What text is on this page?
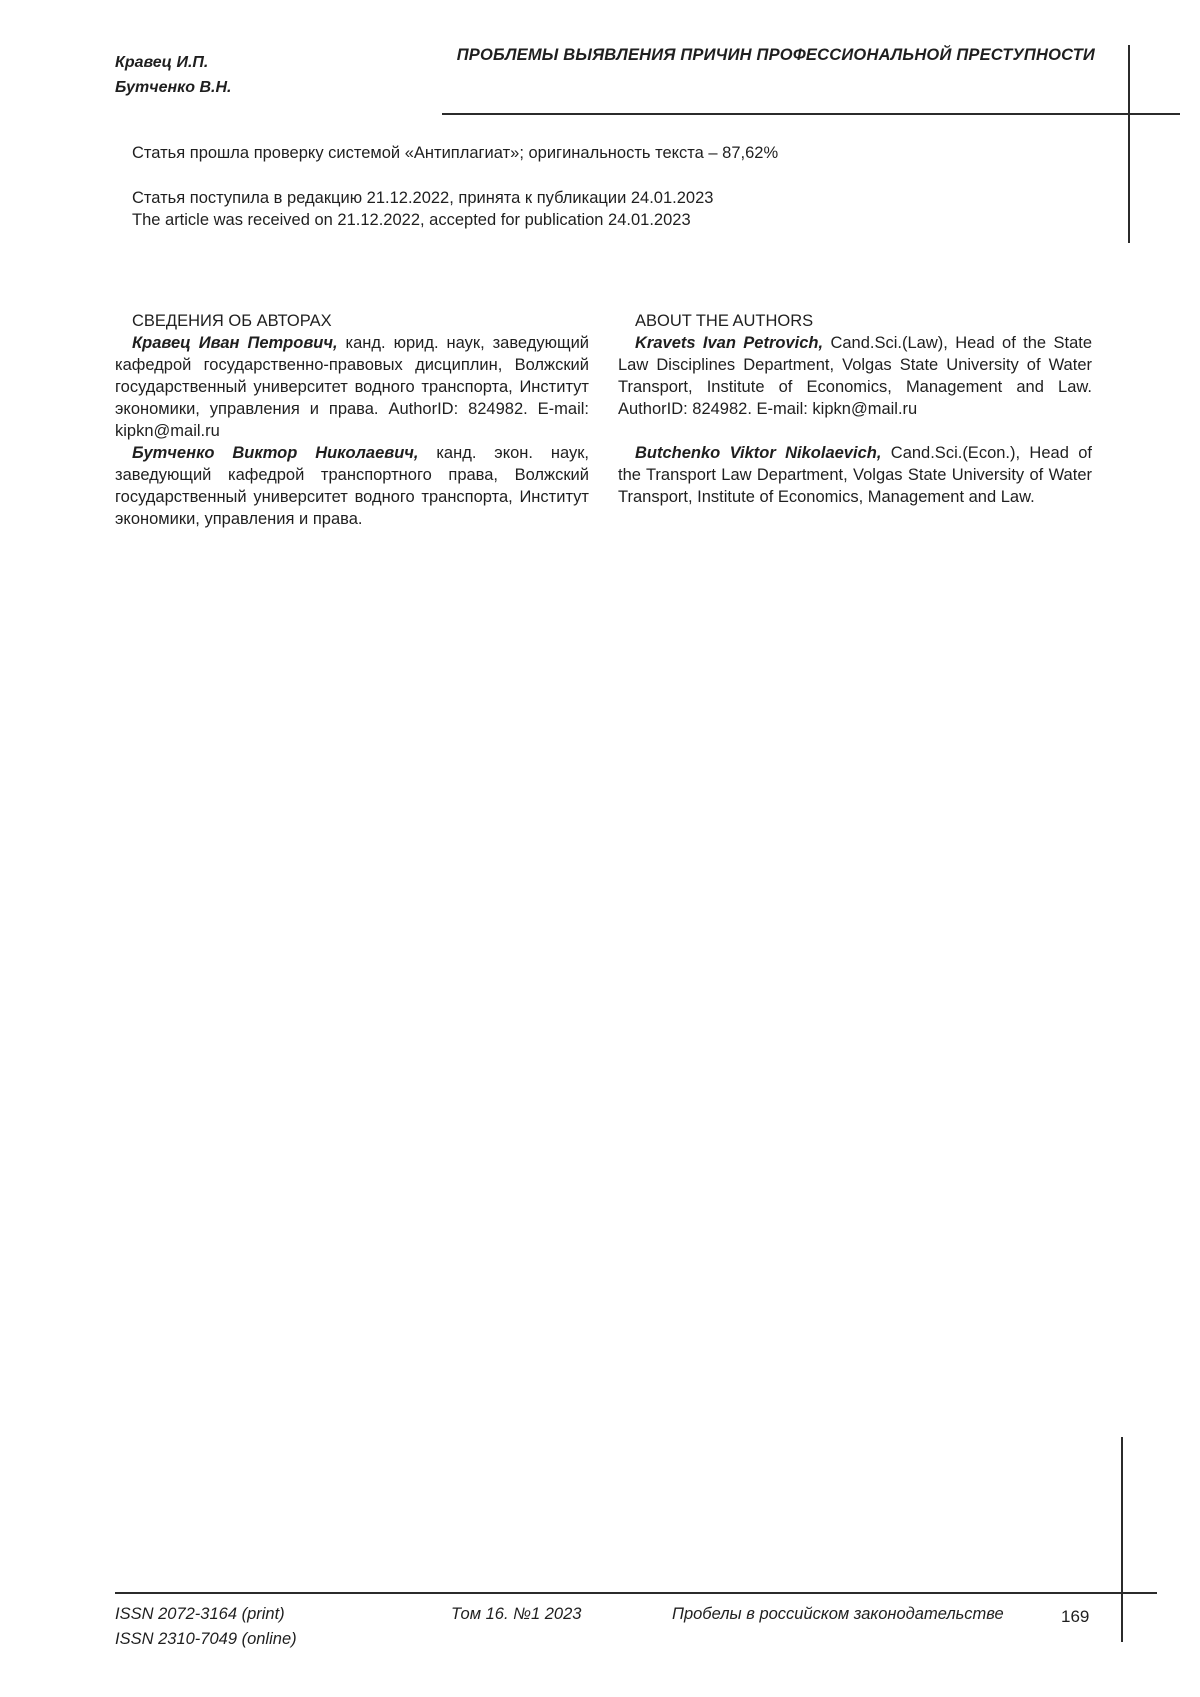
Кравец И.П.
Бутченко В.Н.
ПРОБЛЕМЫ ВЫЯВЛЕНИЯ ПРИЧИН ПРОФЕССИОНАЛЬНОЙ ПРЕСТУПНОСТИ
Статья прошла проверку системой «Антиплагиат»; оригинальность текста – 87,62%
Статья поступила в редакцию 21.12.2022, принята к публикации 24.01.2023
The article was received on 21.12.2022, accepted for publication 24.01.2023
СВЕДЕНИЯ ОБ АВТОРАХ

Кравец Иван Петрович, канд. юрид. наук, заведующий кафедрой государственно-правовых дисциплин, Волжский государственный университет водного транспорта, Институт экономики, управления и права. AuthorID: 824982. E-mail: kipkn@mail.ru

Бутченко Виктор Николаевич, канд. экон. наук, заведующий кафедрой транспортного права, Волжский государственный университет водного транспорта, Институт экономики, управления и права.

ABOUT THE AUTHORS

Kravets Ivan Petrovich, Cand.Sci.(Law), Head of the State Law Disciplines Department, Volgas State University of Water Transport, Institute of Economics, Management and Law. AuthorID: 824982. E-mail: kipkn@mail.ru

Butchenko Viktor Nikolaevich, Cand.Sci.(Econ.), Head of the Transport Law Department, Volgas State University of Water Transport, Institute of Economics, Management and Law.

ISSN 2072-3164 (print)
ISSN 2310-7049 (online)
Том 16. №1 2023	Пробелы в российском законодательстве	169
